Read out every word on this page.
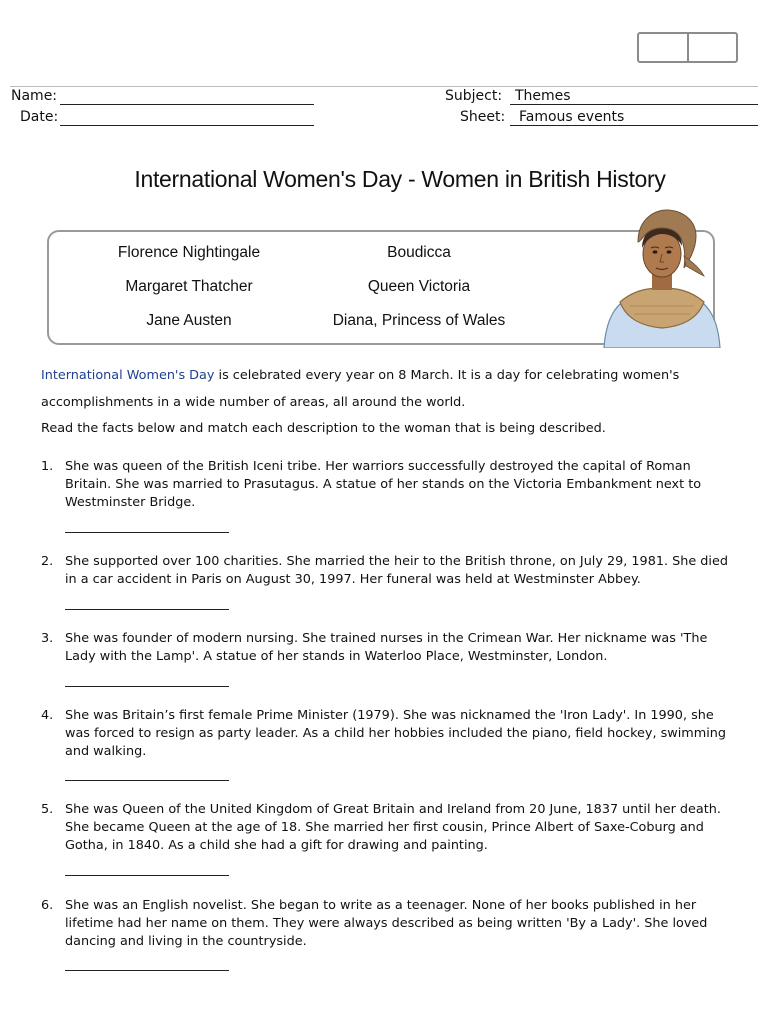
Name:
Date:
Subject: Themes
Sheet: Famous events
International Women's Day - Women in British History
Florence Nightingale
Margaret Thatcher
Jane Austen
Boudicca
Queen Victoria
Diana, Princess of Wales
International Women's Day is celebrated every year on 8 March. It is a day for celebrating women's
accomplishments in a wide number of areas, all around the world.
Read the facts below and match each description to the woman that is being described.
1. She was queen of the British Iceni tribe. Her warriors successfully destroyed the capital of Roman Britain. She was married to Prasutagus. A statue of her stands on the Victoria Embankment next to Westminster Bridge.
2. She supported over 100 charities. She married the heir to the British throne, on July 29, 1981. She died in a car accident in Paris on August 30, 1997. Her funeral was held at Westminster Abbey.
3. She was founder of modern nursing. She trained nurses in the Crimean War. Her nickname was 'The Lady with the Lamp'. A statue of her stands in Waterloo Place, Westminster, London.
4. She was Britain’s first female Prime Minister (1979). She was nicknamed the 'Iron Lady'. In 1990, she was forced to resign as party leader. As a child her hobbies included the piano, field hockey, swimming and walking.
5. She was Queen of the United Kingdom of Great Britain and Ireland from 20 June, 1837 until her death. She became Queen at the age of 18. She married her first cousin, Prince Albert of Saxe-Coburg and Gotha, in 1840. As a child she had a gift for drawing and painting.
6. She was an English novelist. She began to write as a teenager. None of her books published in her lifetime had her name on them. They were always described as being written 'By a Lady'. She loved dancing and living in the countryside.
